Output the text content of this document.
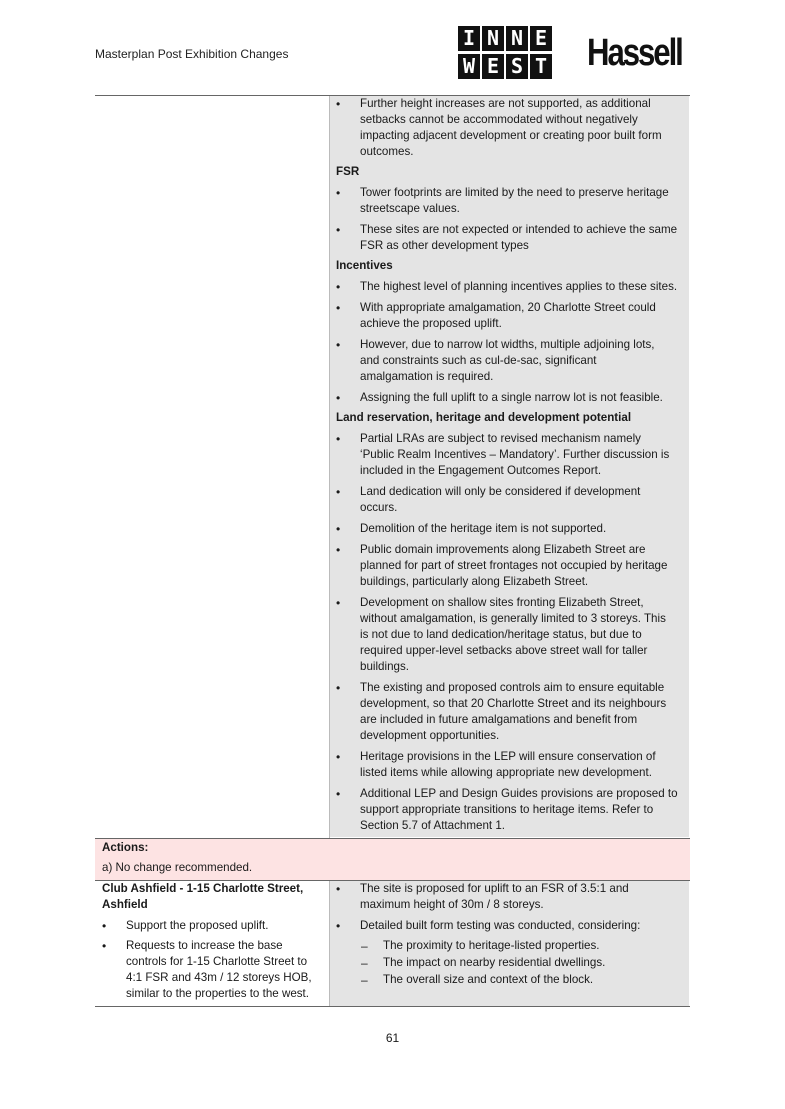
Masterplan Post Exhibition Changes
I N N E
W E S T Hassell
• Further height increases are not supported, as additional
setbacks cannot be accommodated without negatively
impacting adjacent development or creating poor built form
outcomes.
FSR
• Tower footprints are limited by the need to preserve heritage
streetscape values.
• These sites are not expected or intended to achieve the same
FSR as other development types
Incentives
• The highest level of planning incentives applies to these sites.
• With appropriate amalgamation, 20 Charlotte Street could
achieve the proposed uplift.
• However, due to narrow lot widths, multiple adjoining lots,
and constraints such as cul-de-sac, significant
amalgamation is required.
• Assigning the full uplift to a single narrow lot is not feasible.
Land reservation, heritage and development potential
• Partial LRAs are subject to revised mechanism namely
‘Public Realm Incentives – Mandatory’. Further discussion is
included in the Engagement Outcomes Report.
• Land dedication will only be considered if development
occurs.
• Demolition of the heritage item is not supported.
• Public domain improvements along Elizabeth Street are
planned for part of street frontages not occupied by heritage
buildings, particularly along Elizabeth Street.
• Development on shallow sites fronting Elizabeth Street,
without amalgamation, is generally limited to 3 storeys. This
is not due to land dedication/heritage status, but due to
required upper-level setbacks above street wall for taller
buildings.
• The existing and proposed controls aim to ensure equitable
development, so that 20 Charlotte Street and its neighbours
are included in future amalgamations and benefit from
development opportunities.
• Heritage provisions in the LEP will ensure conservation of
listed items while allowing appropriate new development.
• Additional LEP and Design Guides provisions are proposed to
support appropriate transitions to heritage items. Refer to
Section 5.7 of Attachment 1.
Actions:
a) No change recommended.
Club Ashfield - 1-15 Charlotte Street,
Ashfield
• Support the proposed uplift.
• Requests to increase the base
controls for 1-15 Charlotte Street to
4:1 FSR and 43m / 12 storeys HOB,
similar to the properties to the west.
• The site is proposed for uplift to an FSR of 3.5:1 and
maximum height of 30m / 8 storeys.
• Detailed built form testing was conducted, considering:
– The proximity to heritage-listed properties.
– The impact on nearby residential dwellings.
– The overall size and context of the block.
61
